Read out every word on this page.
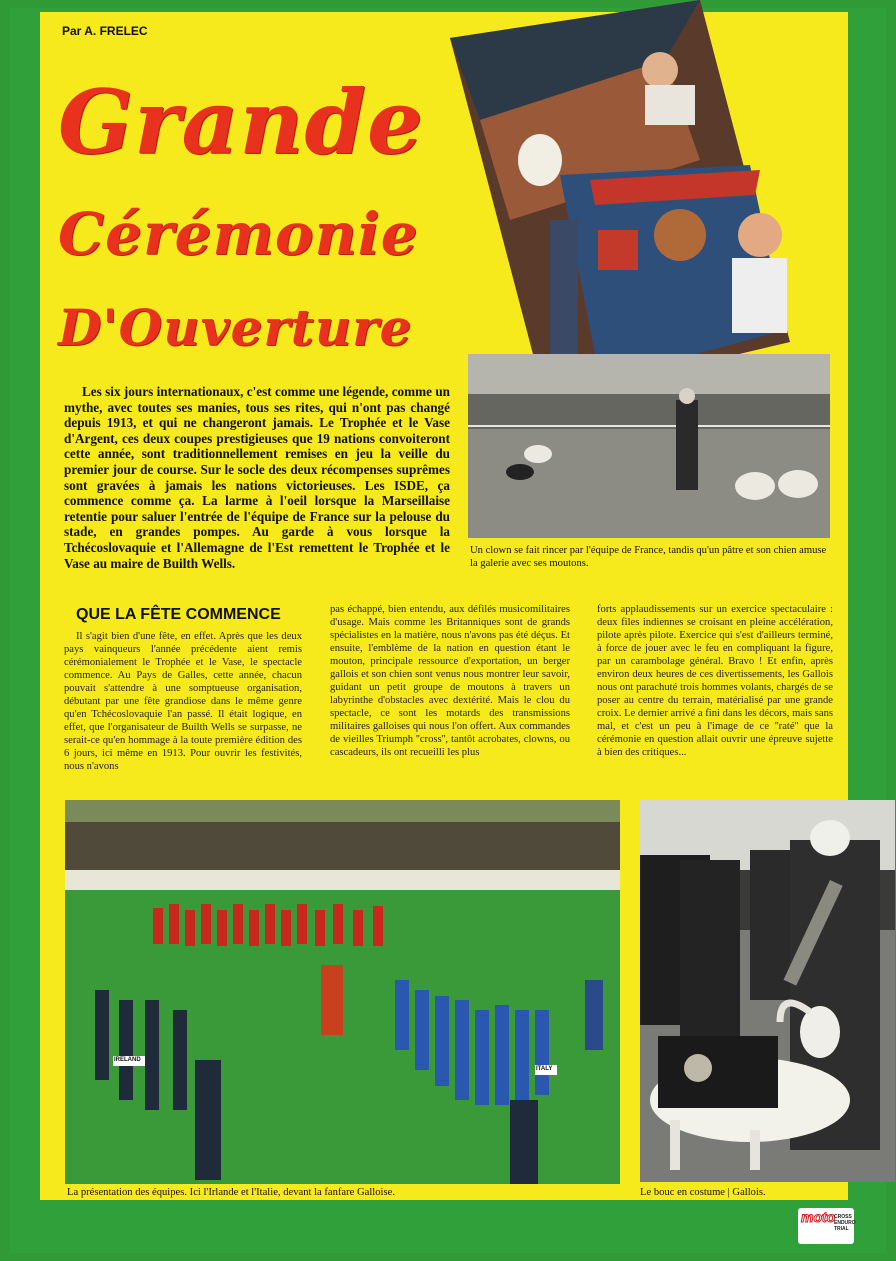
Par A. FRELEC
Grande
Cérémonie
D'Ouverture
Les six jours internationaux, c'est comme une légende, comme un mythe, avec toutes ses manies, tous ses rites, qui n'ont pas changé depuis 1913, et qui ne changeront jamais. Le Trophée et le Vase d'Argent, ces deux coupes prestigieuses que 19 nations convoiteront cette année, sont traditionnellement remises en jeu la veille du premier jour de course. Sur le socle des deux récompenses suprêmes sont gravées à jamais les nations victorieuses. Les ISDE, ça commence comme ça. La larme à l'oeil lorsque la Marseillaise retentie pour saluer l'entrée de l'équipe de France sur la pelouse du stade, en grandes pompes. Au garde à vous lorsque la Tchécoslovaquie et l'Allemagne de l'Est remettent le Trophée et le Vase au maire de Builth Wells.
Un clown se fait rincer par l'équipe de France, tandis qu'un pâtre et son chien amuse la galerie avec ses moutons.
QUE LA FÊTE COMMENCE
Il s'agit bien d'une fête, en effet. Après que les deux pays vainqueurs l'année précédente aient remis cérémonialement le Trophée et le Vase, le spectacle commence. Au Pays de Galles, cette année, chacun pouvait s'attendre à une somptueuse organisation, débutant par une fête grandiose dans le même genre qu'en Tchécoslovaquie l'an passé. Il était logique, en effet, que l'organisateur de Builth Wells se surpasse, ne serait-ce qu'en hommage à la toute première édition des 6 jours, ici même en 1913. Pour ouvrir les festivités, nous n'avons
pas échappé, bien entendu, aux défilés musicomilitaires d'usage. Mais comme les Britanniques sont de grands spécialistes en la matière, nous n'avons pas été déçus. Et ensuite, l'emblème de la nation en question étant le mouton, principale ressource d'exportation, un berger gallois et son chien sont venus nous montrer leur savoir, guidant un petit groupe de moutons à travers un labyrinthe d'obstacles avec dextérité. Mais le clou du spectacle, ce sont les motards des transmissions militaires galloises qui nous l'on offert. Aux commandes de vieilles Triumph ''cross'', tantôt acrobates, clowns, ou cascadeurs, ils ont recueilli les plus
forts applaudissements sur un exercice spectaculaire : deux files indiennes se croisant en pleine accélération, pilote après pilote. Exercice qui s'est d'ailleurs terminé, à force de jouer avec le feu en compliquant la figure, par un carambolage général. Bravo ! Et enfin, après environ deux heures de ces divertissements, les Gallois nous ont parachuté trois hommes volants, chargés de se poser au centre du terrain, matérialisé par une grande croix. Le dernier arrivé a fini dans les décors, mais sans mal, et c'est un peu à l'image de ce ''raté'' que la cérémonie en question allait ouvrir une épreuve sujette à bien des critiques...
IRELAND
ITALY
La présentation des équipes. Ici l'Irlande et l'Italie, devant la fanfare Galloise.	Le bouc en costume | Gallois.
moto
CROSS ENDURO TRIAL
